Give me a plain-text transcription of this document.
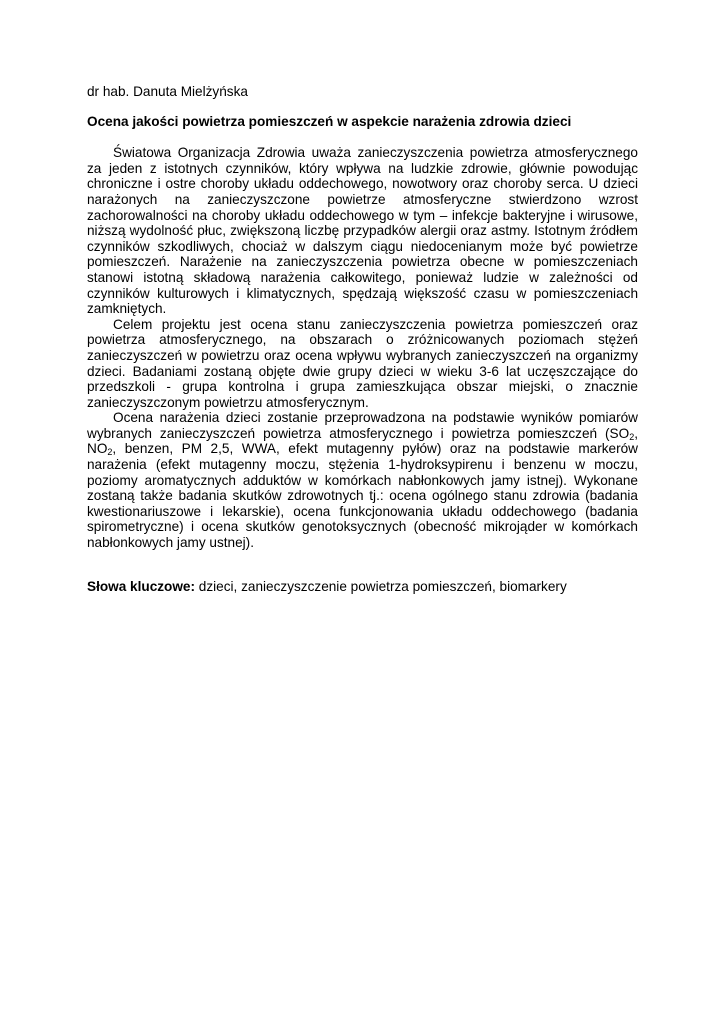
dr hab. Danuta Mielżyńska

Ocena jakości powietrza pomieszczeń w aspekcie narażenia zdrowia dzieci

Światowa Organizacja Zdrowia uważa zanieczyszczenia powietrza atmosferycznego za jeden z istotnych czynników, który wpływa na ludzkie zdrowie, głównie powodując chroniczne i ostre choroby układu oddechowego, nowotwory oraz choroby serca. U dzieci narażonych na zanieczyszczone powietrze atmosferyczne stwierdzono wzrost zachorowalności na choroby układu oddechowego w tym – infekcje bakteryjne i wirusowe, niższą wydolność płuc, zwiększoną liczbę przypadków alergii oraz astmy. Istotnym źródłem czynników szkodliwych, chociaż w dalszym ciągu niedocenianym może być powietrze pomieszczeń. Narażenie na zanieczyszczenia powietrza obecne w pomieszczeniach stanowi istotną składową narażenia całkowitego, ponieważ ludzie w zależności od czynników kulturowych i klimatycznych, spędzają większość czasu w pomieszczeniach zamkniętych.

Celem projektu jest ocena stanu zanieczyszczenia powietrza pomieszczeń oraz powietrza atmosferycznego, na obszarach o zróżnicowanych poziomach stężeń zanieczyszczeń w powietrzu oraz ocena wpływu wybranych zanieczyszczeń na organizmy dzieci. Badaniami zostaną objęte dwie grupy dzieci w wieku 3-6 lat uczęszczające do przedszkoli - grupa kontrolna i grupa zamieszkująca obszar miejski, o znacznie zanieczyszczonym powietrzu atmosferycznym.

Ocena narażenia dzieci zostanie przeprowadzona na podstawie wyników pomiarów wybranych zanieczyszczeń powietrza atmosferycznego i powietrza pomieszczeń ($SO_2$, $NO_2$, benzen, PM 2,5, WWA, efekt mutagenny pyłów) oraz na podstawie markerów narażenia (efekt mutagenny moczu, stężenia 1-hydroksypirenu i benzenu w moczu, poziomy aromatycznych adduktów w komórkach nabłonkowych jamy istnej). Wykonane zostaną także badania skutków zdrowotnych tj.: ocena ogólnego stanu zdrowia (badania kwestionariuszowe i lekarskie), ocena funkcjonowania układu oddechowego (badania spirometryczne) i ocena skutków genotoksycznych (obecność mikrojąder w komórkach nabłonkowych jamy ustnej).

Słowa kluczowe: dzieci, zanieczyszczenie powietrza pomieszczeń, biomarkery
